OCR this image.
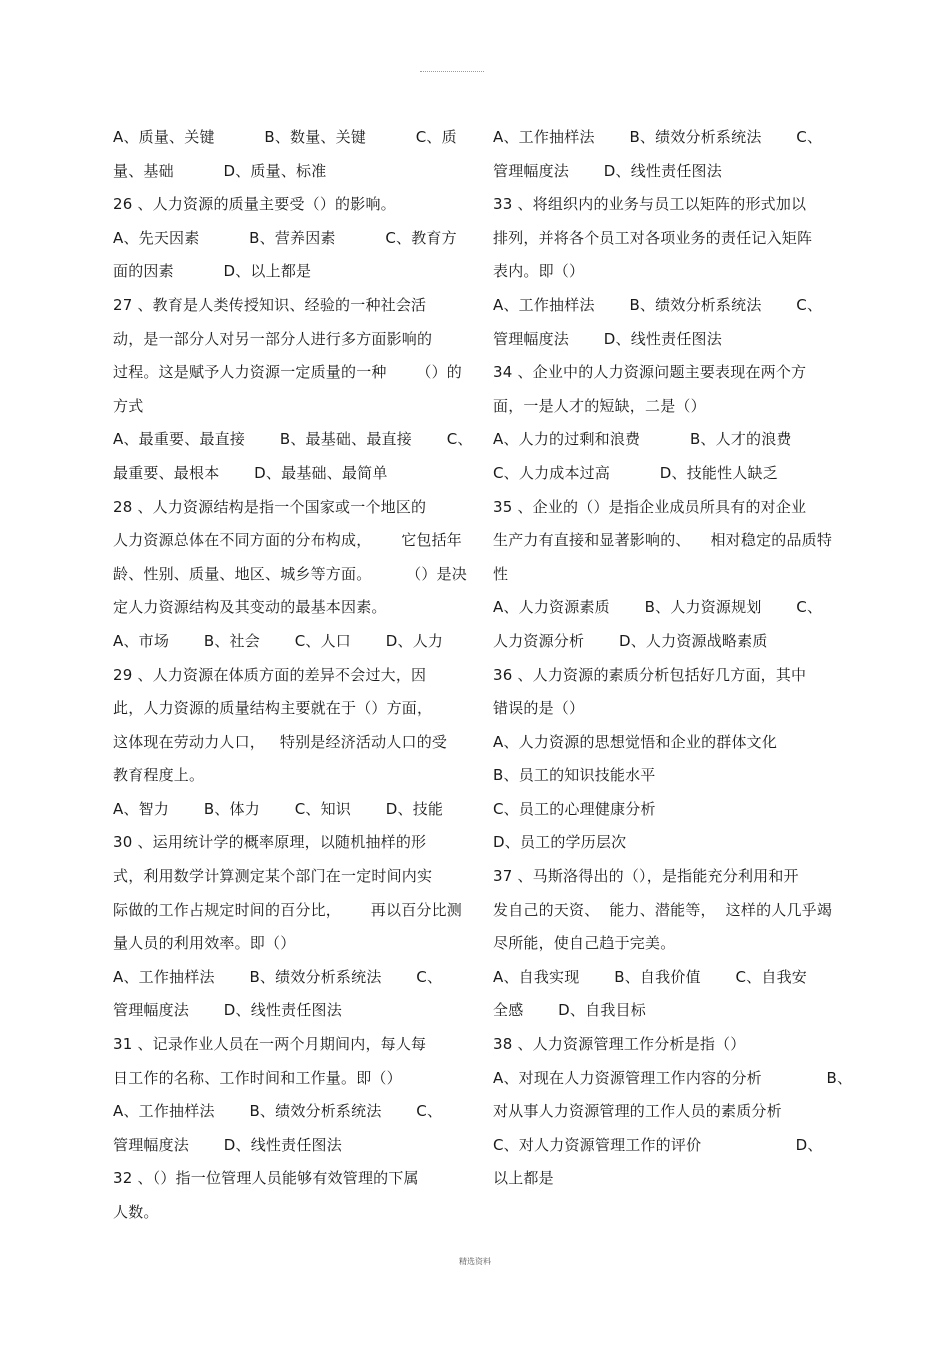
A、质量、关键          B、数量、关键          C、质
量、基础          D、质量、标准
26 、人力资源的质量主要受（）的影响。
A、先天因素          B、营养因素          C、教育方
面的因素          D、以上都是
27 、教育是人类传授知识、经验的一种社会活
动，是一部分人对另一部分人进行多方面影响的
过程。这是赋予人力资源一定质量的一种      （）的
方式
A、最重要、最直接       B、最基础、最直接       C、
最重要、最根本       D、最基础、最简单
28 、人力资源结构是指一个国家或一个地区的
人力资源总体在不同方面的分布构成，      它包括年
龄、性别、质量、地区、城乡等方面。       （）是决
定人力资源结构及其变动的最基本因素。
A、市场       B、社会       C、人口       D、人力
29 、人力资源在体质方面的差异不会过大，因
此，人力资源的质量结构主要就在于（）方面，
这体现在劳动力人口，   特别是经济活动人口的受
教育程度上。
A、智力       B、体力       C、知识       D、技能
30 、运用统计学的概率原理，以随机抽样的形
式，利用数学计算测定某个部门在一定时间内实
际做的工作占规定时间的百分比，      再以百分比测
量人员的利用效率。即（）
A、工作抽样法       B、绩效分析系统法       C、
管理幅度法       D、线性责任图法
31 、记录作业人员在一两个月期间内，每人每
日工作的名称、工作时间和工作量。即（）
A、工作抽样法       B、绩效分析系统法       C、
管理幅度法       D、线性责任图法
32 、（）指一位管理人员能够有效管理的下属
人数。
A、工作抽样法       B、绩效分析系统法       C、
管理幅度法       D、线性责任图法
33 、将组织内的业务与员工以矩阵的形式加以
排列，并将各个员工对各项业务的责任记入矩阵
表内。即（）
A、工作抽样法       B、绩效分析系统法       C、
管理幅度法       D、线性责任图法
34 、企业中的人力资源问题主要表现在两个方
面，一是人才的短缺，二是（）
A、人力的过剩和浪费          B、人才的浪费
C、人力成本过高          D、技能性人缺乏
35 、企业的（）是指企业成员所具有的对企业
生产力有直接和显著影响的、    相对稳定的品质特
性
A、人力资源素质       B、人力资源规划       C、
人力资源分析       D、人力资源战略素质
36 、人力资源的素质分析包括好几方面，其中
错误的是（）
A、人力资源的思想觉悟和企业的群体文化
B、员工的知识技能水平
C、员工的心理健康分析
D、员工的学历层次
37 、马斯洛得出的（），是指能充分利用和开
发自己的天资、  能力、潜能等，  这样的人几乎竭
尽所能，使自己趋于完美。
A、自我实现       B、自我价值       C、自我安
全感       D、自我目标
38 、人力资源管理工作分析是指（）
A、对现在人力资源管理工作内容的分析             B、
对从事人力资源管理的工作人员的素质分析
C、对人力资源管理工作的评价                   D、
以上都是
精选资料
